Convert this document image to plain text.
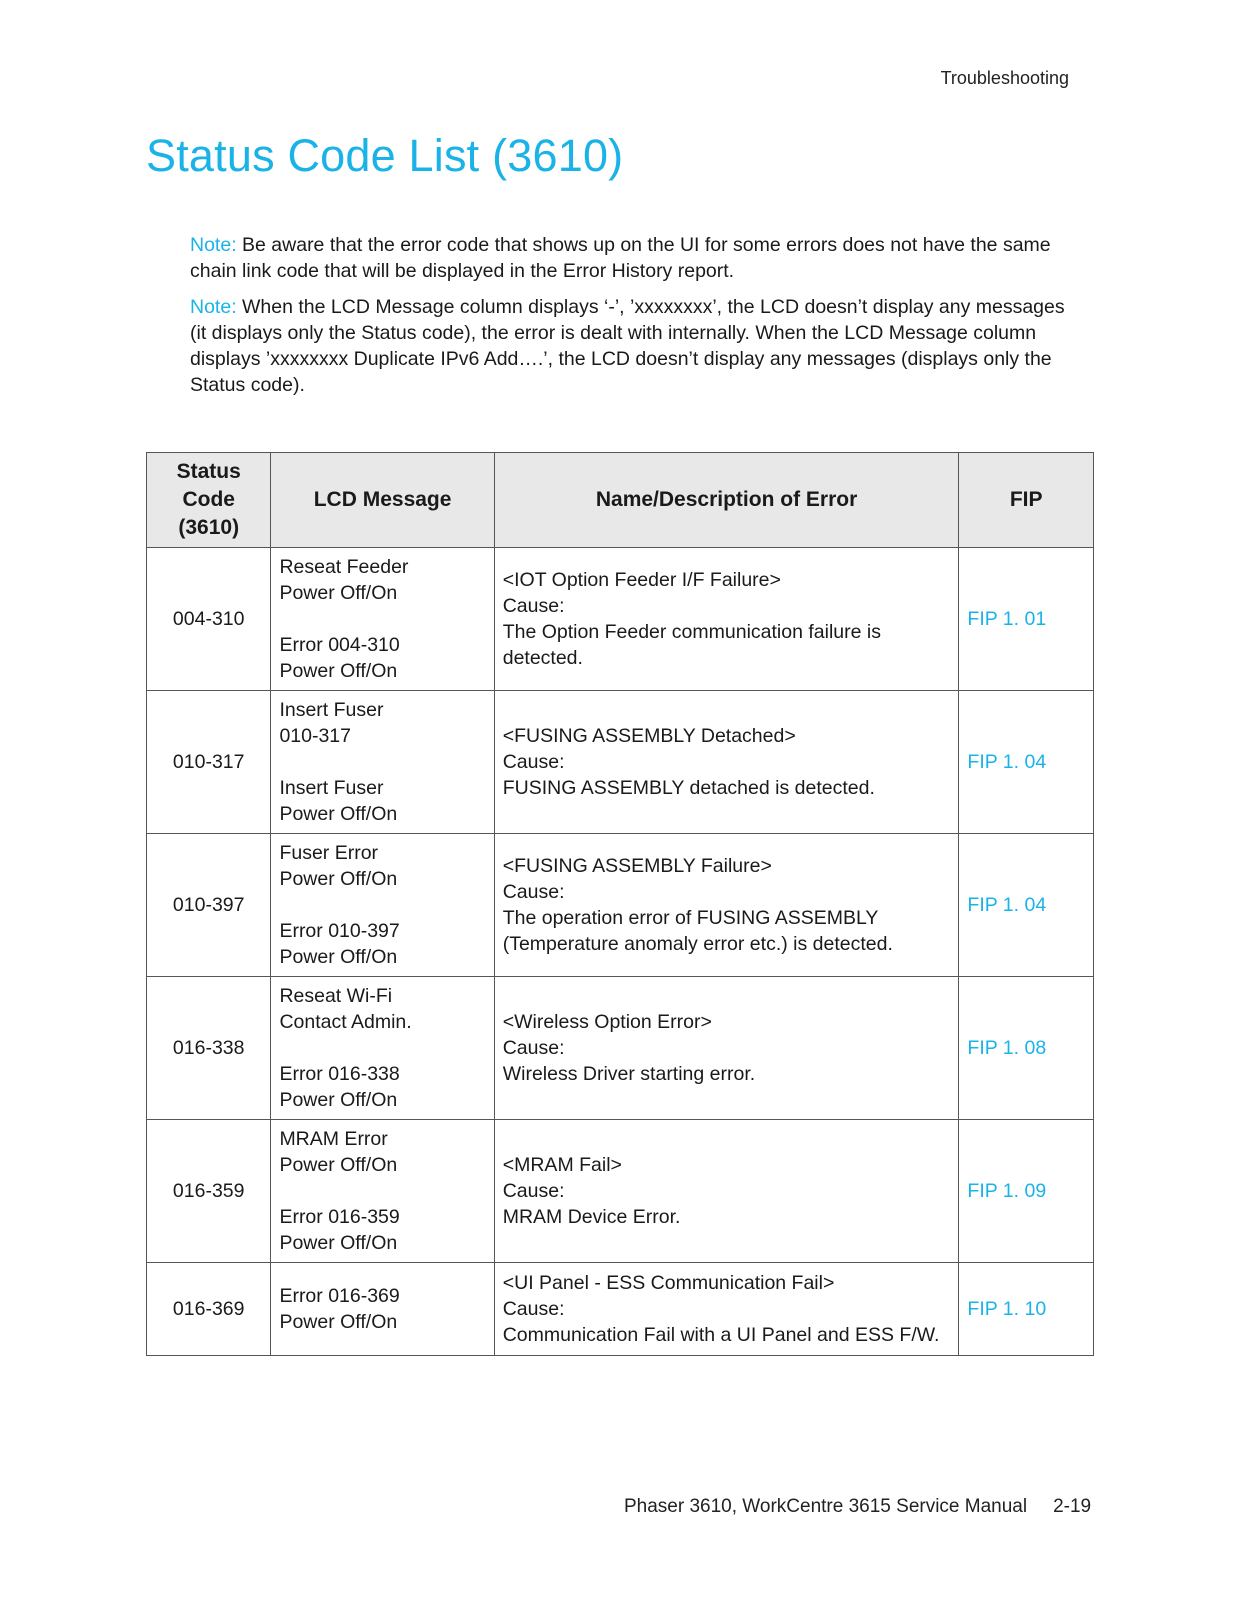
Troubleshooting
Status Code List (3610)

Note: Be aware that the error code that shows up on the UI for some errors does not have the same chain link code that will be displayed in the Error History report.

Note: When the LCD Message column displays ‘-’, ’xxxxxxxx’, the LCD doesn’t display any messages (it displays only the Status code), the error is dealt with internally. When the LCD Message column displays ’xxxxxxxx Duplicate IPv6 Add….’, the LCD doesn’t display any messages (displays only the Status code).

Status
Code
(3610)	LCD Message	Name/Description of Error	FIP
004-310	Reseat Feeder
Power Off/On
Error 004-310
Power Off/On	<IOT Option Feeder I/F Failure>
Cause:
The Option Feeder communication failure is
detected.	FIP 1. 01
010-317	Insert Fuser
010-317
Insert Fuser
Power Off/On	<FUSING ASSEMBLY Detached>
Cause:
FUSING ASSEMBLY detached is detected.	FIP 1. 04
010-397	Fuser Error
Power Off/On
Error 010-397
Power Off/On	<FUSING ASSEMBLY Failure>
Cause:
The operation error of FUSING ASSEMBLY
(Temperature anomaly error etc.) is detected.	FIP 1. 04
016-338	Reseat Wi-Fi
Contact Admin.
Error 016-338
Power Off/On	<Wireless Option Error>
Cause:
Wireless Driver starting error.	FIP 1. 08
016-359	MRAM Error
Power Off/On
Error 016-359
Power Off/On	<MRAM Fail>
Cause:
MRAM Device Error.	FIP 1. 09
016-369	Error 016-369
Power Off/On	<UI Panel - ESS Communication Fail>
Cause:
Communication Fail with a UI Panel and ESS F/W.	FIP 1. 10
Phaser 3610, WorkCentre 3615 Service Manual 2-19
